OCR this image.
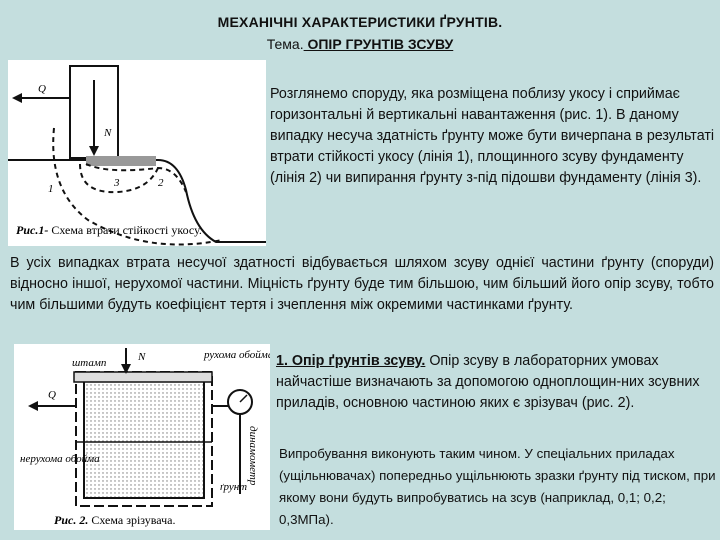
МЕХАНІЧНІ ХАРАКТЕРИСТИКИ ҐРУНТІВ.
Тема. ОПІР ГРУНТІВ ЗСУВУ
Q
N
1	2
3
Рис.1- Схема втрати стійкості укосу.
Розглянемо споруду, яка розміщена поблизу укосу і сприймає горизонтальні й вертикальні навантаження (рис. 1). В даному випадку несуча здатність ґрунту може бути вичерпана в результаті втрати стійкості укосу (лінія 1), площинного зсуву фундаменту (лінія 2) чи випирання ґрунту з-під підошви фундаменту (лінія 3).
В усіх випадках втрата несучої здатності відбувається шляхом зсуву однієї частини ґрунту (споруди) відносно іншої, нерухомої частини. Міцність ґрунту буде тим більшою, чим більший його опір зсуву, тобто чим більшими будуть коефіцієнт тертя і зчеплення між окремими частинками ґрунту.
штамп	N	рухома обойма
Q
нерухома обойма	динамометр
ґрунт
Рис. 2. Схема зрізувача.
1. Опір ґрунтів зсуву. Опір зсуву в лабораторних умовах найчастіше визначають за допомогою одноплощин-них зсувних приладів, основною частиною яких є зрізувач (рис. 2).
Випробування виконують таким чином. У спеціальних приладах (ущільнювачах) попередньо ущільнюють зразки ґрунту під тиском, при якому вони будуть випробуватись на зсув (наприклад, 0,1; 0,2; 0,3МПа).
